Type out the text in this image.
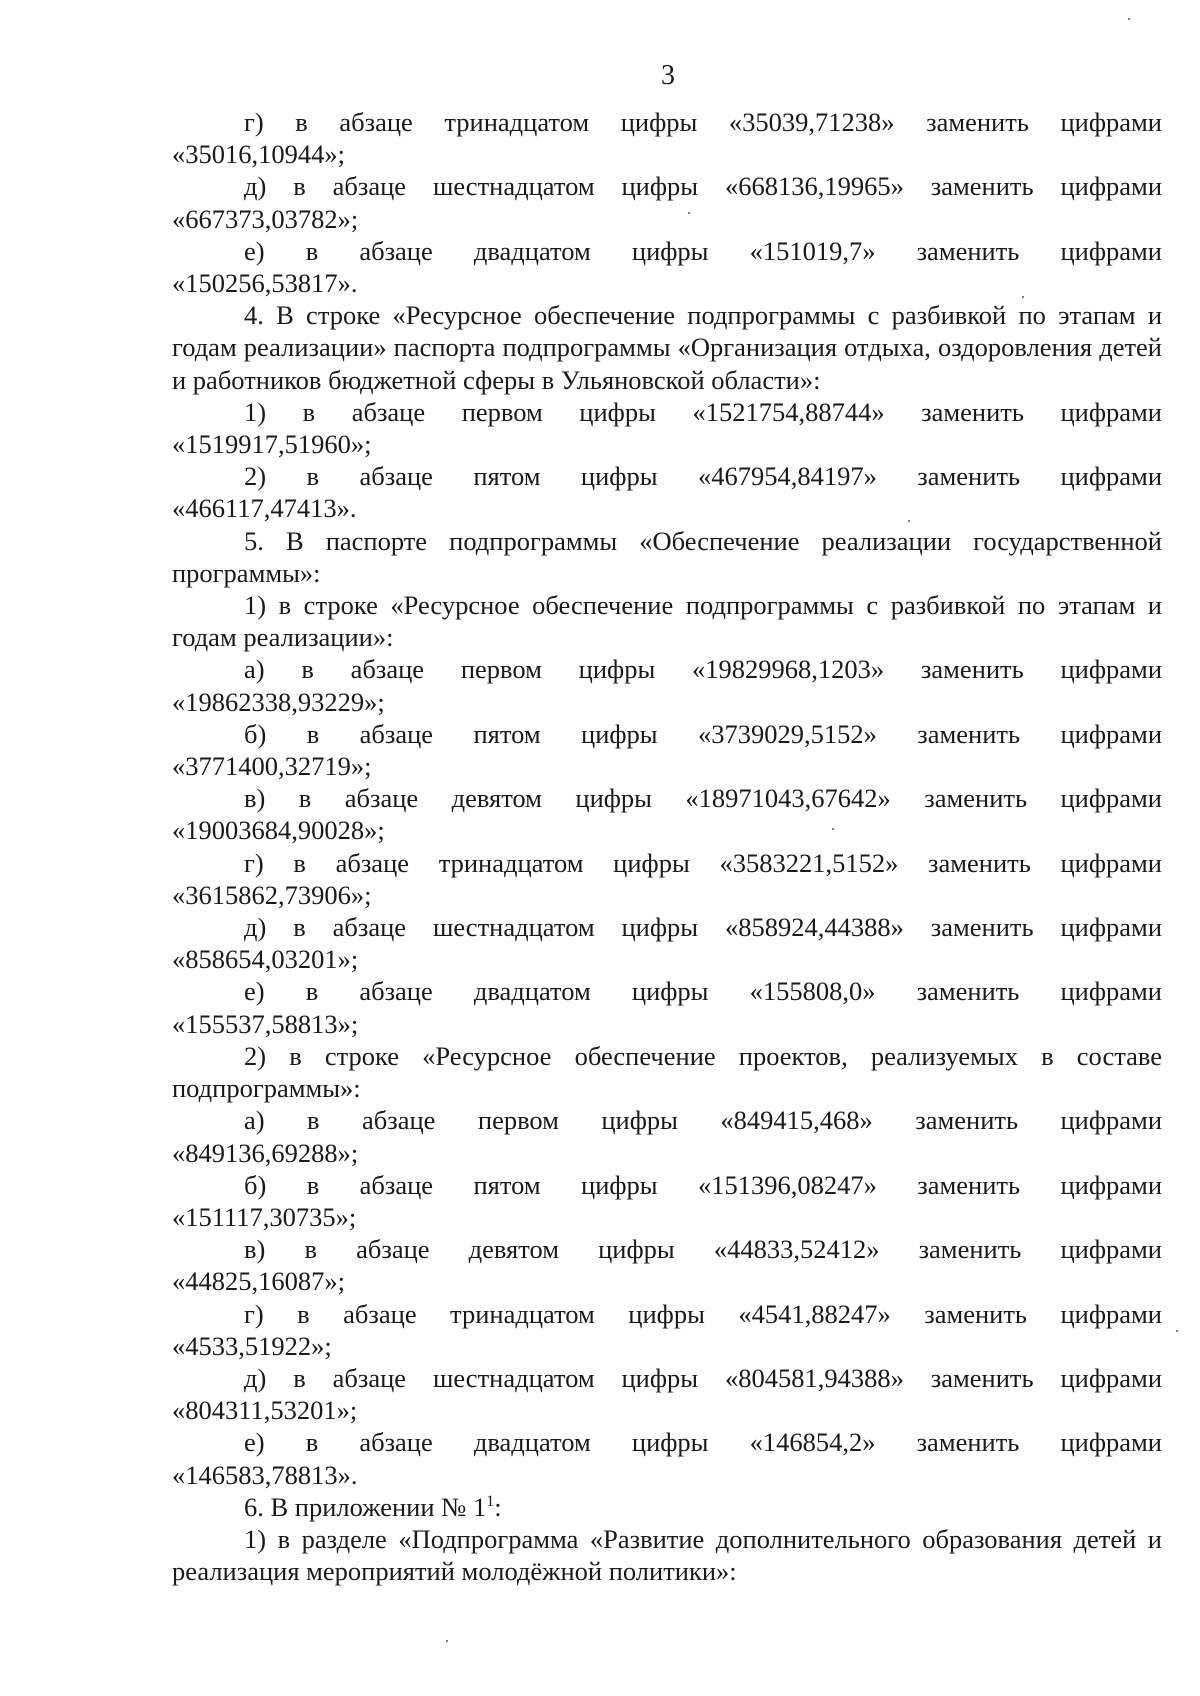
3

г) в абзаце тринадцатом цифры «35039,71238» заменить цифрами
«35016,10944»;

д) в абзаце шестнадцатом цифры «668136,19965» заменить цифрами
«667373,03782»;

е) в абзаце двадцатом цифры «151019,7» заменить цифрами
«150256,53817».

4. В строке «Ресурсное обеспечение подпрограммы с разбивкой по этапам и годам реализации» паспорта подпрограммы «Организация отдыха, оздоровления детей и работников бюджетной сферы в Ульяновской области»:

1) в абзаце первом цифры «1521754,88744» заменить цифрами
«1519917,51960»;

2) в абзаце пятом цифры «467954,84197» заменить цифрами
«466117,47413».

5. В паспорте подпрограммы «Обеспечение реализации государственной программы»:

1) в строке «Ресурсное обеспечение подпрограммы с разбивкой по этапам и годам реализации»:

а) в абзаце первом цифры «19829968,1203» заменить цифрами
«19862338,93229»;

б) в абзаце пятом цифры «3739029,5152» заменить цифрами
«3771400,32719»;

в) в абзаце девятом цифры «18971043,67642» заменить цифрами
«19003684,90028»;

г) в абзаце тринадцатом цифры «3583221,5152» заменить цифрами
«3615862,73906»;

д) в абзаце шестнадцатом цифры «858924,44388» заменить цифрами
«858654,03201»;

е) в абзаце двадцатом цифры «155808,0» заменить цифрами
«155537,58813»;

2) в строке «Ресурсное обеспечение проектов, реализуемых в составе подпрограммы»:

а) в абзаце первом цифры «849415,468» заменить цифрами
«849136,69288»;

б) в абзаце пятом цифры «151396,08247» заменить цифрами
«151117,30735»;

в) в абзаце девятом цифры «44833,52412» заменить цифрами
«44825,16087»;

г) в абзаце тринадцатом цифры «4541,88247» заменить цифрами
«4533,51922»;

д) в абзаце шестнадцатом цифры «804581,94388» заменить цифрами
«804311,53201»;

е) в абзаце двадцатом цифры «146854,2» заменить цифрами
«146583,78813».

6. В приложении № $1^1$:

1) в разделе «Подпрограмма «Развитие дополнительного образования детей и реализация мероприятий молодёжной политики»:
